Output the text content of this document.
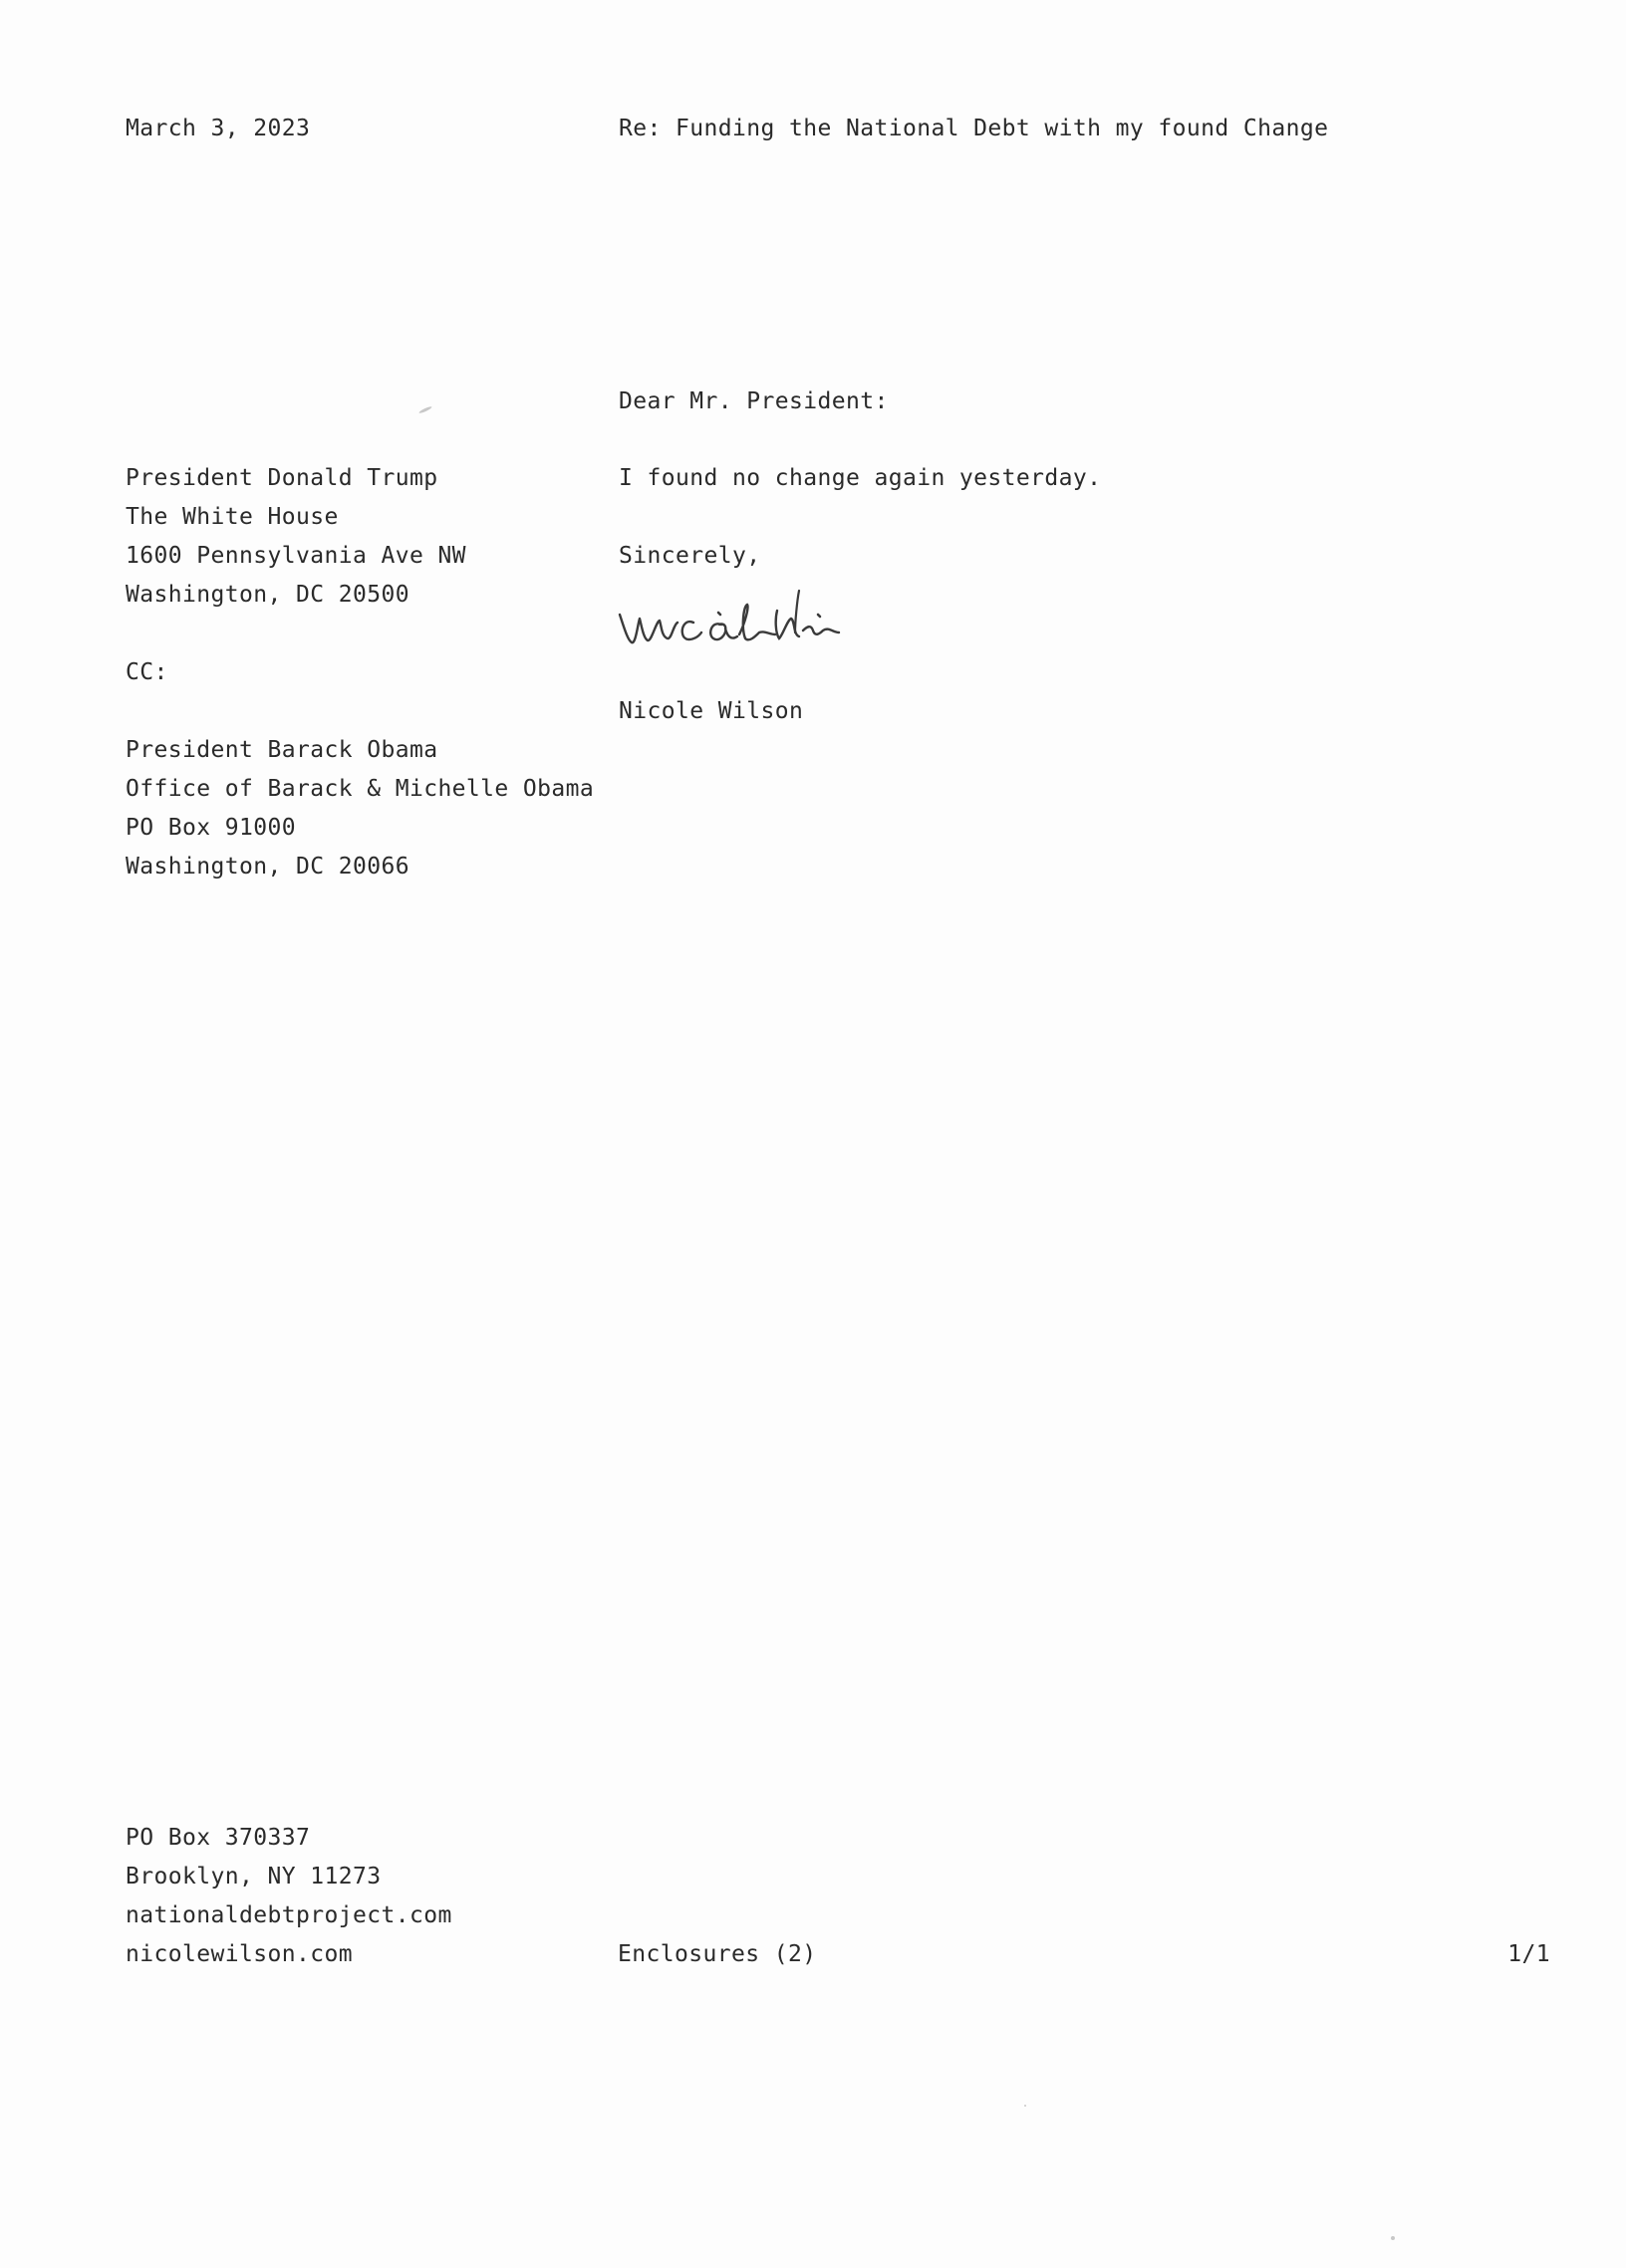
March 3, 2023	Re: Funding the National Debt with my found Change
Dear Mr. President:
President Donald Trump
The White House
1600 Pennsylvania Ave NW
Washington, DC 20500
CC:
President Barack Obama
Office of Barack & Michelle Obama
PO Box 91000
Washington, DC 20066
I found no change again yesterday.
Sincerely,
Nicole Wilson
PO Box 370337
Brooklyn, NY 11273
nationaldebtproject.com
nicolewilson.com	Enclosures (2)	1/1
